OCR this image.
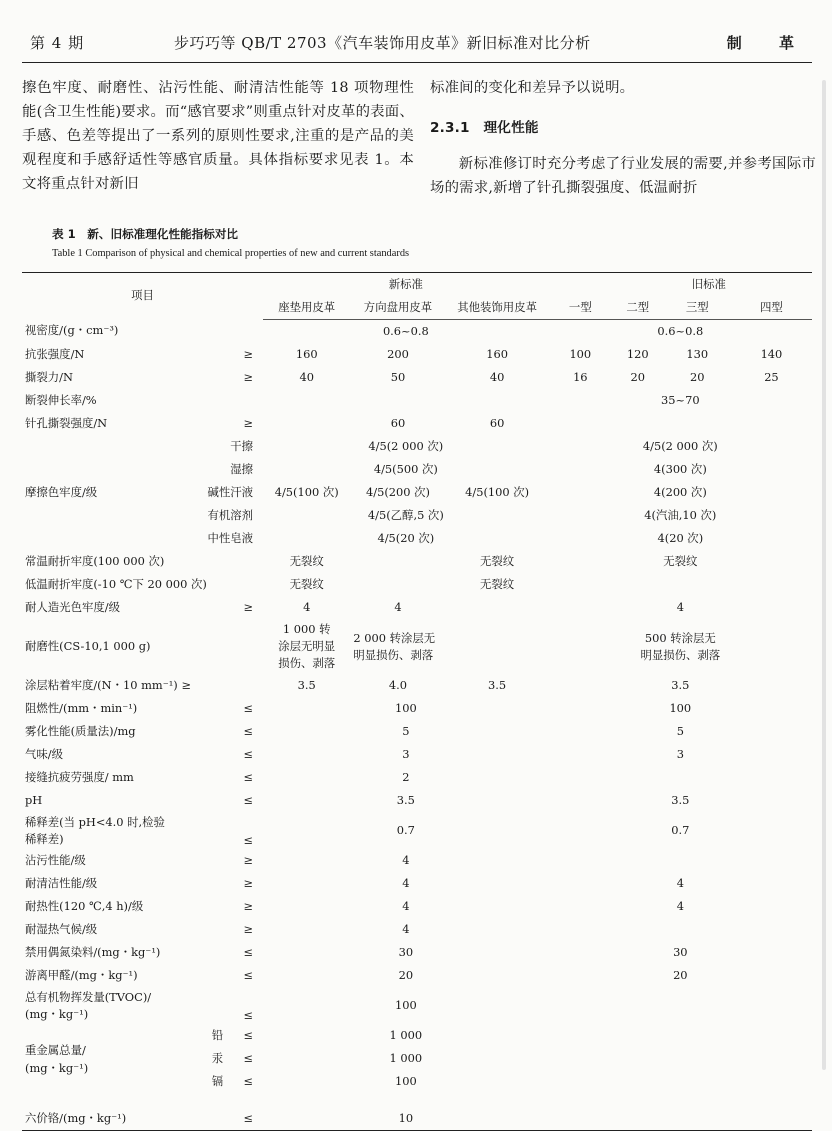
第 4 期	步巧巧等 QB/T 2703《汽车装饰用皮革》新旧标准对比分析	制 革

擦色牢度、耐磨性、沾污性能、耐清洁性能等 18 项物理性能(含卫生性能)要求。而“感官要求”则重点针对皮革的表面、手感、色差等提出了一系列的原则性要求,注重的是产品的美观程度和手感舒适性等感官质量。具体指标要求见表 1。本文将重点针对新旧

标准间的变化和差异予以说明。

2.3.1　理化性能

新标准修订时充分考虑了行业发展的需要,并参考国际市场的需求,新增了针孔撕裂强度、低温耐折

表 1　新、旧标准理化性能指标对比
Table 1 Comparison of physical and chemical properties of new and current standards
项目			新标准			旧标准			
			座垫用皮革	方向盘用皮革	其他装饰用皮革	一型	二型	三型	四型
视密度/(g・cm⁻³)			0.6~0.8			0.6~0.8			
抗张强度/N		≥	160	200	160	100	120	130	140
撕裂力/N		≥	40	50	40	16	20	20	25
断裂伸长率/%						35~70			
针孔撕裂强度/N		≥		60	60				
摩擦色牢度/级	干擦		4/5(2 000 次)			4/5(2 000 次)			
	湿擦		4/5(500 次)			4(300 次)			
	碱性汗液		4/5(100 次)	4/5(200 次)	4/5(100 次)	4(200 次)			
	有机溶剂		4/5(乙醇,5 次)			4(汽油,10 次)			
	中性皂液		4/5(20 次)			4(20 次)			
常温耐折牢度(100 000 次)			无裂纹		无裂纹	无裂纹			
低温耐折牢度(-10 ℃下 20 000 次)			无裂纹		无裂纹				
耐人造光色牢度/级		≥	4	4		4			
耐磨性(CS-10,1 000 g)			1 000 转
涂层无明显
损伤、剥落	2 000 转涂层无
明显损伤、剥落		500 转涂层无
明显损伤、剥落			
涂层粘着牢度/(N・10 mm⁻¹) ≥			3.5	4.0	3.5	3.5			
阻燃性/(mm・min⁻¹)		≤	100			100			
雾化性能(质量法)/mg		≤	5			5			
气味/级		≤	3			3			
接缝抗疲劳强度/ mm		≤	2						
pH		≤	3.5			3.5			
稀释差(当 pH<4.0 时,检验
稀释差)		≤	0.7			0.7			
沾污性能/级		≥	4						
耐清洁性能/级		≥	4			4			
耐热性(120 ℃,4 h)/级		≥	4			4			
耐湿热气候/级		≥	4						
禁用偶氮染料/(mg・kg⁻¹)		≤	30			30			
游离甲醛/(mg・kg⁻¹)		≤	20			20			
总有机物挥发量(TVOC)/
(mg・kg⁻¹)		≤	100						
重金属总量/
(mg・kg⁻¹)	铅	≤	1 000						
	汞	≤	1 000						
	镉	≤	100						

六价铬/(mg・kg⁻¹)		≤	10						
